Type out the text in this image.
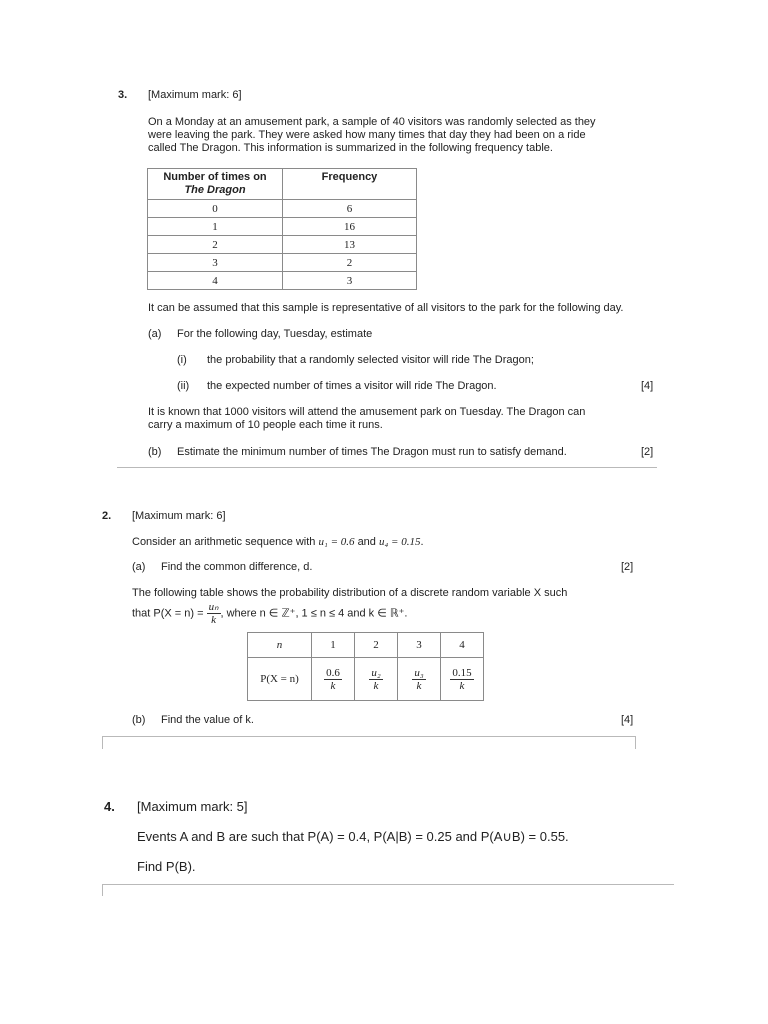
3. [Maximum mark: 6]
On a Monday at an amusement park, a sample of 40 visitors was randomly selected as they
were leaving the park. They were asked how many times that day they had been on a ride
called The Dragon. This information is summarized in the following frequency table.
Number of times on
The Dragon	Frequency
0	6
1	16
2	13
3	2
4	3
It can be assumed that this sample is representative of all visitors to the park for the following day.
(a) For the following day, Tuesday, estimate
(i) the probability that a randomly selected visitor will ride The Dragon;
(ii) the expected number of times a visitor will ride The Dragon.	[4]
It is known that 1000 visitors will attend the amusement park on Tuesday. The Dragon can
carry a maximum of 10 people each time it runs.
(b) Estimate the minimum number of times The Dragon must run to satisfy demand.	[2]
2. [Maximum mark: 6]
Consider an arithmetic sequence with u₁ = 0.6 and u₄ = 0.15.
(a) Find the common difference, d.	[2]
The following table shows the probability distribution of a discrete random variable X such
that $P(X = n) = \frac{\text{uₙ}}{k}$ , where n ∈ ℤ⁺, 1 ≤ n ≤ 4 and k ∈ ℝ⁺.
n	1	2	3	4
P(X = n)	$\frac{0.6}{k}$	$\frac{\text{u₂}}{k}$	$\frac{\text{u₃}}{k}$	$\frac{0.15}{k}$
(b) Find the value of k.	[4]
4. [Maximum mark: 5]
Events A and B are such that P(A) = 0.4, P(A|B) = 0.25 and P(A∪B) = 0.55.
Find P(B).
